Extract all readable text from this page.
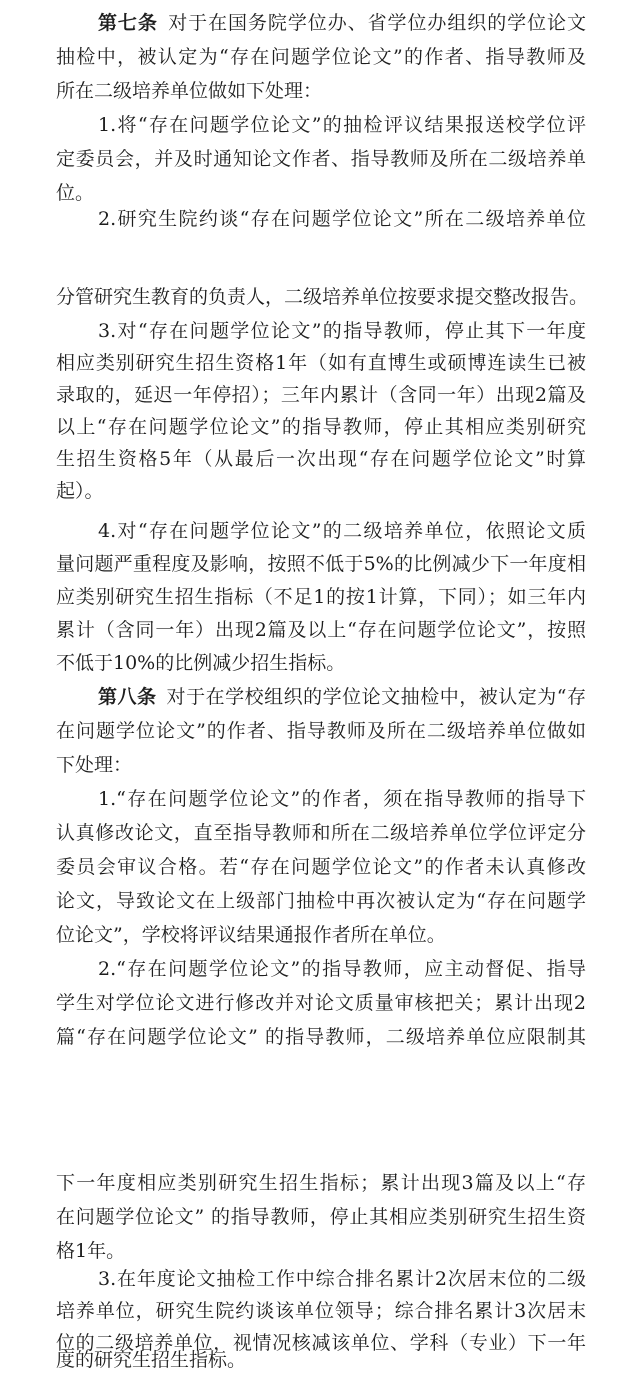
第七条  对于在国务院学位办、省学位办组织的学位论文
抽检中，被认定为“存在问题学位论文”的作者、指导教师及
所在二级培养单位做如下处理：
1.将“存在问题学位论文”的抽检评议结果报送校学位评
定委员会，并及时通知论文作者、指导教师及所在二级培养单
位。
2.研究生院约谈“存在问题学位论文”所在二级培养单位
分管研究生教育的负责人，二级培养单位按要求提交整改报告。
3.对“存在问题学位论文”的指导教师，停止其下一年度
相应类别研究生招生资格1年（如有直博生或硕博连读生已被
录取的，延迟一年停招）；三年内累计（含同一年）出现2篇及
以上“存在问题学位论文”的指导教师，停止其相应类别研究
生招生资格5年（从最后一次出现“存在问题学位论文”时算
起）。
4.对“存在问题学位论文”的二级培养单位，依照论文质
量问题严重程度及影响，按照不低于5%的比例减少下一年度相
应类别研究生招生指标（不足1的按1计算，下同）；如三年内
累计（含同一年）出现2篇及以上“存在问题学位论文”，按照
不低于10%的比例减少招生指标。
第八条  对于在学校组织的学位论文抽检中，被认定为“存
在问题学位论文”的作者、指导教师及所在二级培养单位做如
下处理：
1.“存在问题学位论文”的作者，须在指导教师的指导下
认真修改论文，直至指导教师和所在二级培养单位学位评定分
委员会审议合格。若“存在问题学位论文”的作者未认真修改
论文，导致论文在上级部门抽检中再次被认定为“存在问题学
位论文”，学校将评议结果通报作者所在单位。
2.“存在问题学位论文”的指导教师，应主动督促、指导
学生对学位论文进行修改并对论文质量审核把关；累计出现2
篇“存在问题学位论文” 的指导教师，二级培养单位应限制其
下一年度相应类别研究生招生指标；累计出现3篇及以上“存
在问题学位论文” 的指导教师，停止其相应类别研究生招生资
格1年。
3.在年度论文抽检工作中综合排名累计2次居末位的二级
培养单位，研究生院约谈该单位领导；综合排名累计3次居末
位的二级培养单位，视情况核减该单位、学科（专业）下一年
度的研究生招生指标。
